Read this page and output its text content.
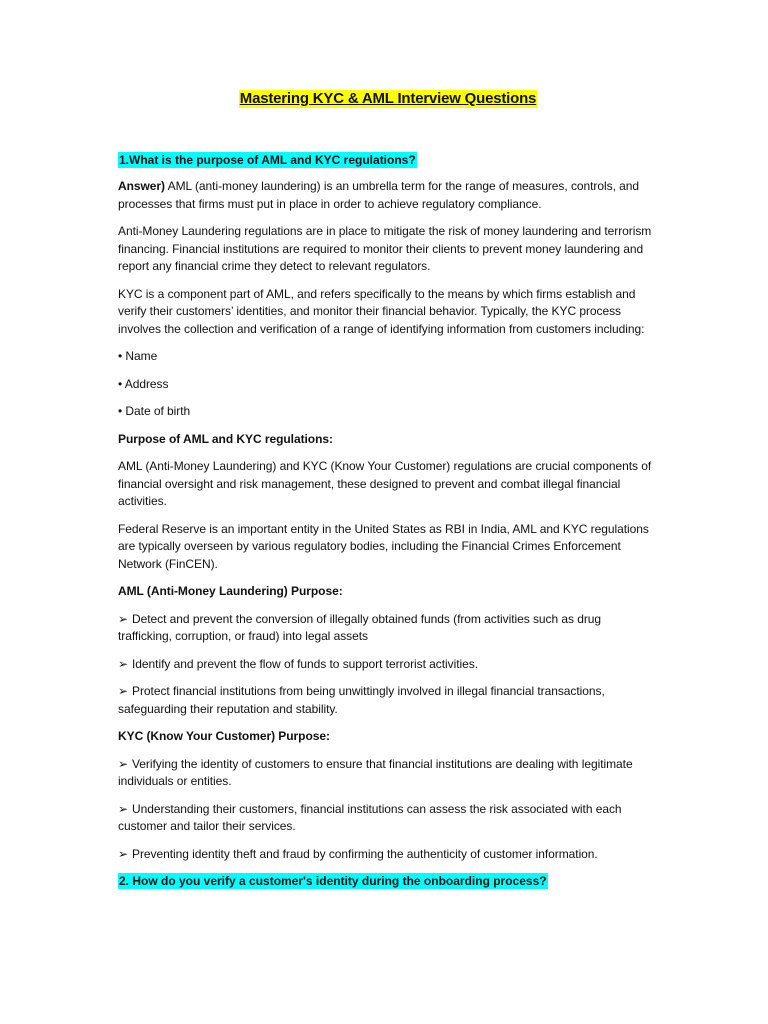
Mastering KYC & AML Interview Questions
1.What is the purpose of AML and KYC regulations?

Answer) AML (anti-money laundering) is an umbrella term for the range of measures, controls, and processes that firms must put in place in order to achieve regulatory compliance.

Anti-Money Laundering regulations are in place to mitigate the risk of money laundering and terrorism financing. Financial institutions are required to monitor their clients to prevent money laundering and report any financial crime they detect to relevant regulators.

KYC is a component part of AML, and refers specifically to the means by which firms establish and verify their customers’ identities, and monitor their financial behavior. Typically, the KYC process involves the collection and verification of a range of identifying information from customers including:

• Name

• Address

• Date of birth

Purpose of AML and KYC regulations:

AML (Anti-Money Laundering) and KYC (Know Your Customer) regulations are crucial components of financial oversight and risk management, these designed to prevent and combat illegal financial activities.

Federal Reserve is an important entity in the United States as RBI in India, AML and KYC regulations are typically overseen by various regulatory bodies, including the Financial Crimes Enforcement Network (FinCEN).

AML (Anti-Money Laundering) Purpose:

➢ Detect and prevent the conversion of illegally obtained funds (from activities such as drug trafficking, corruption, or fraud) into legal assets

➢ Identify and prevent the flow of funds to support terrorist activities.

➢ Protect financial institutions from being unwittingly involved in illegal financial transactions, safeguarding their reputation and stability.

KYC (Know Your Customer) Purpose:

➢ Verifying the identity of customers to ensure that financial institutions are dealing with legitimate individuals or entities.

➢ Understanding their customers, financial institutions can assess the risk associated with each customer and tailor their services.

➢ Preventing identity theft and fraud by confirming the authenticity of customer information.

2. How do you verify a customer's identity during the onboarding process?
